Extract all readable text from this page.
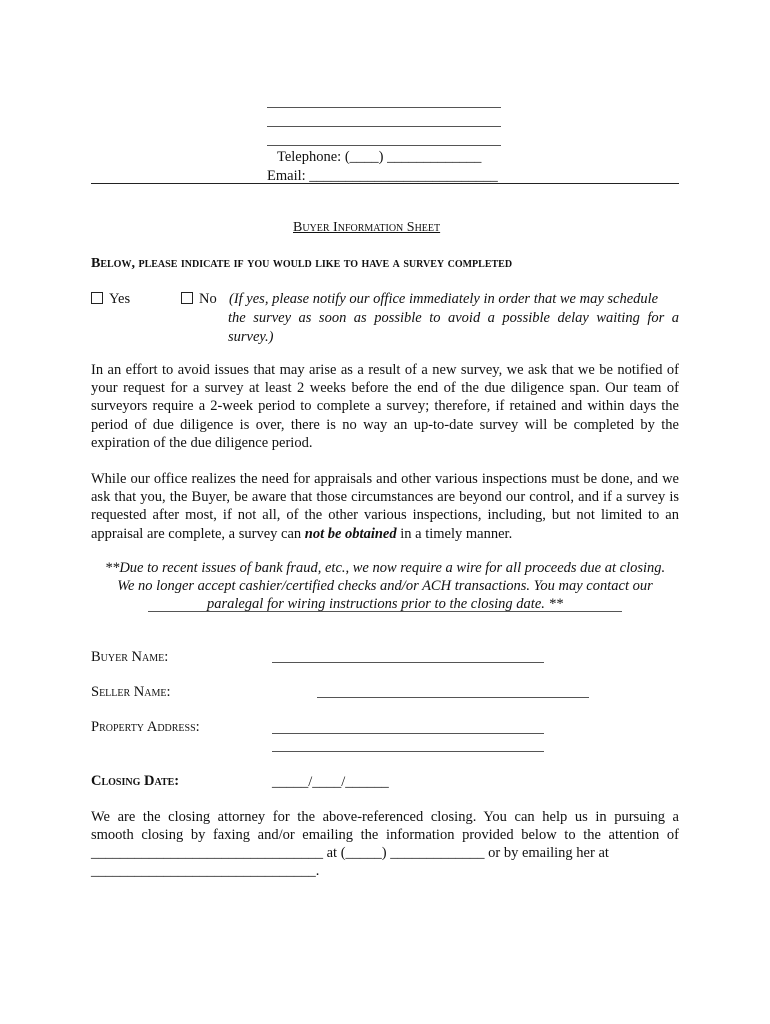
Telephone: (____) _____________
Email: __________________________
Buyer Information Sheet
Below, please indicate if you would like to have a survey completed
Yes	No (If yes, please notify our office immediately in order that we may schedule
the survey as soon as possible to avoid a possible delay waiting for a
survey.)

In an effort to avoid issues that may arise as a result of a new survey, we ask that we be notified of your request for a survey at least 2 weeks before the end of the due diligence span. Our team of surveyors require a 2-week period to complete a survey; therefore, if retained and within days the period of due diligence is over, there is no way an up-to-date survey will be completed by the expiration of the due diligence period.

While our office realizes the need for appraisals and other various inspections must be done, and we ask that you, the Buyer, be aware that those circumstances are beyond our control, and if a survey is requested after most, if not all, of the other various inspections, including, but not limited to an appraisal are complete, a survey can not be obtained in a timely manner.

**Due to recent issues of bank fraud, etc., we now require a wire for all proceeds due at closing.
We no longer accept cashier/certified checks and/or ACH transactions. You may contact our
paralegal for wiring instructions prior to the closing date. **
Buyer Name:
Seller Name:
Property Address:
Closing Date:	_____/____/______
We are the closing attorney for the above-referenced closing. You can help us in pursuing a
smooth closing by faxing and/or emailing the information provided below to the attention of
________________________________ at (_____) _____________ or by emailing her at
_______________________________.
